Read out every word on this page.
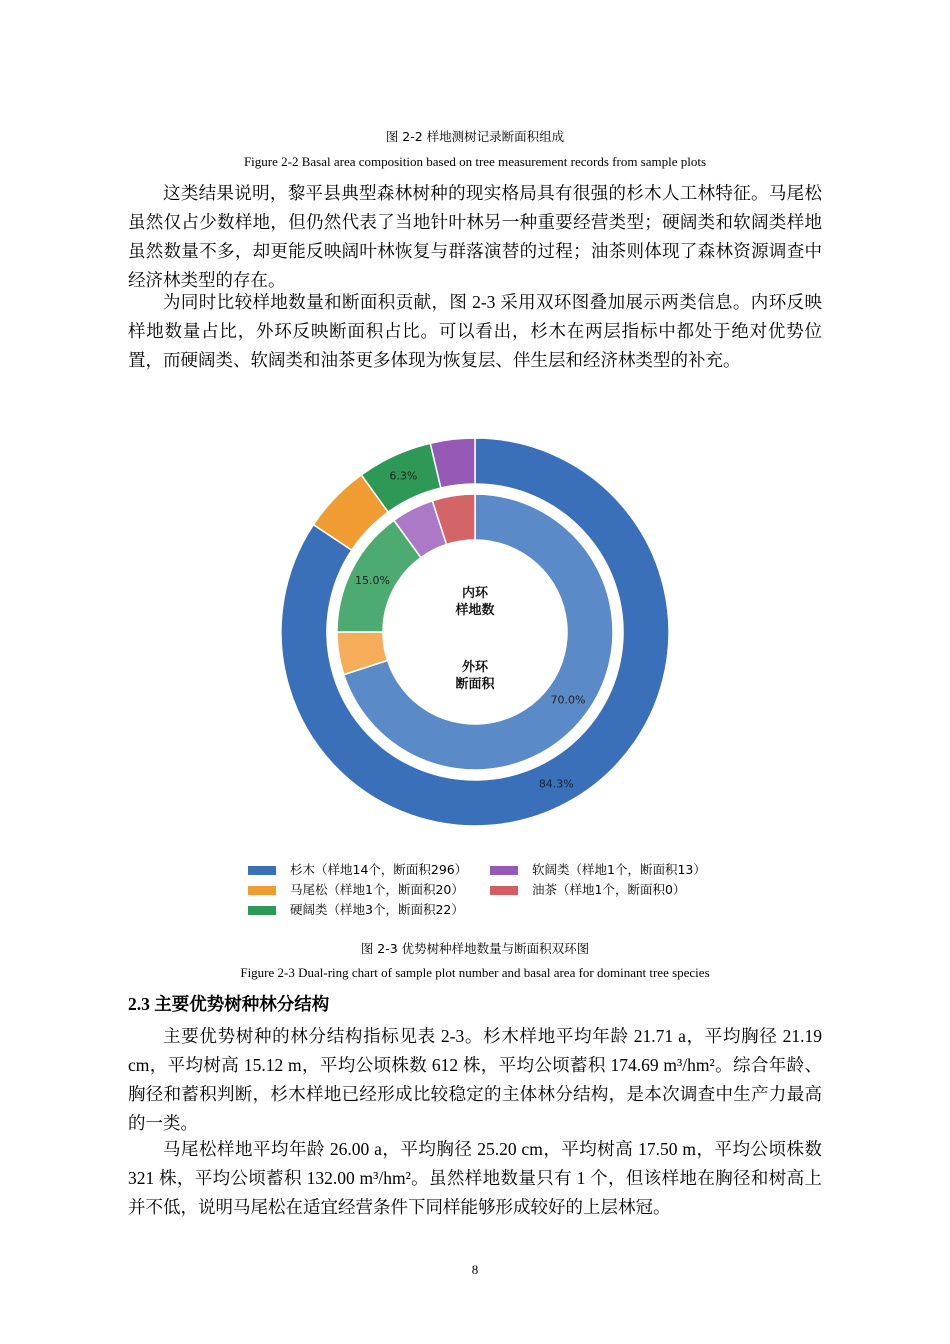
图 2-2 样地测树记录断面积组成
Figure 2-2 Basal area composition based on tree measurement records from sample plots

这类结果说明，黎平县典型森林树种的现实格局具有很强的杉木人工林特征。马尾松虽然仅占少数样地，但仍然代表了当地针叶林另一种重要经营类型；硬阔类和软阔类样地虽然数量不多，却更能反映阔叶林恢复与群落演替的过程；油茶则体现了森林资源调查中经济林类型的存在。

为同时比较样地数量和断面积贡献，图 2-3 采用双环图叠加展示两类信息。内环反映样地数量占比，外环反映断面积占比。可以看出，杉木在两层指标中都处于绝对优势位置，而硬阔类、软阔类和油茶更多体现为恢复层、伴生层和经济林类型的补充。

70.0%
15.0%
84.3%
6.3%
内环
样地数
外环
断面积
杉木（样地14个，断面积296）
马尾松（样地1个，断面积20）
硬阔类（样地3个，断面积22）
软阔类（样地1个，断面积13）
油茶（样地1个，断面积0）
图 2-3 优势树种样地数量与断面积双环图
Figure 2-3 Dual-ring chart of sample plot number and basal area for dominant tree species
2.3 主要优势树种林分结构

主要优势树种的林分结构指标见表 2-3。杉木样地平均年龄 21.71 a，平均胸径 21.19 cm，平均树高 15.12 m，平均公顷株数 612 株，平均公顷蓄积 174.69 m³/hm²。综合年龄、胸径和蓄积判断，杉木样地已经形成比较稳定的主体林分结构，是本次调查中生产力最高的一类。

马尾松样地平均年龄 26.00 a，平均胸径 25.20 cm，平均树高 17.50 m，平均公顷株数 321 株，平均公顷蓄积 132.00 m³/hm²。虽然样地数量只有 1 个，但该样地在胸径和树高上并不低，说明马尾松在适宜经营条件下同样能够形成较好的上层林冠。

8
